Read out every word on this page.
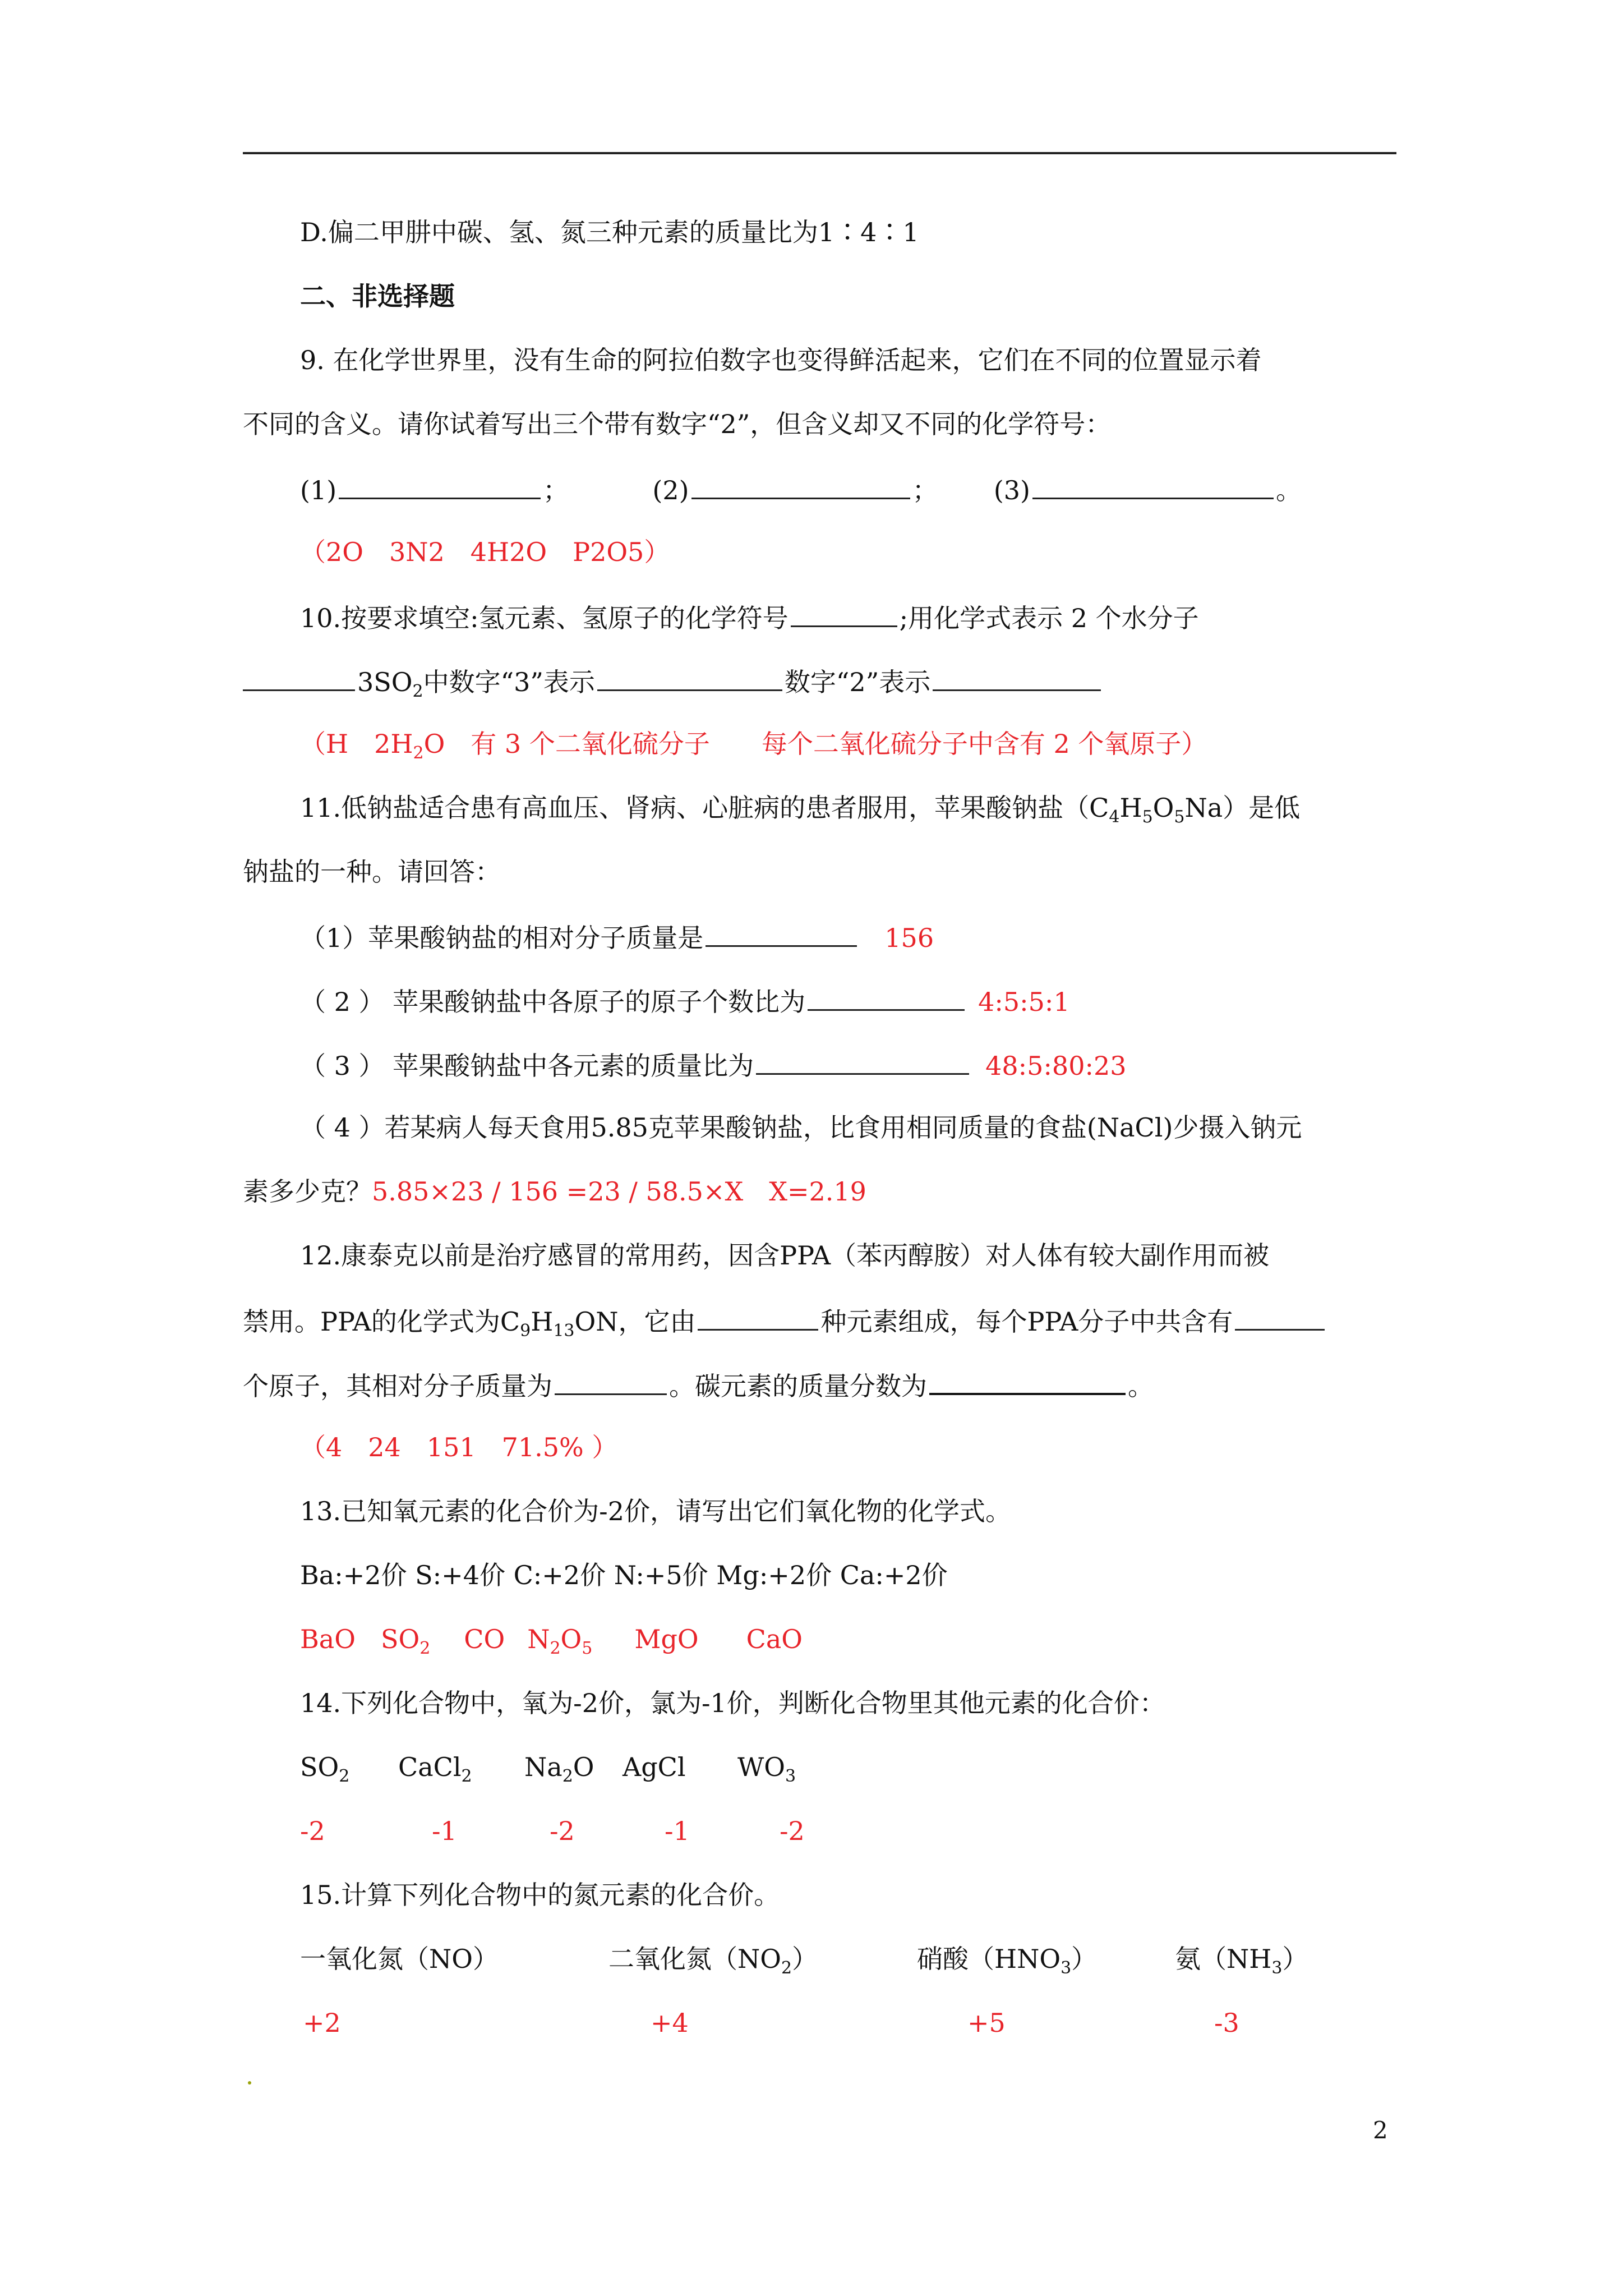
D.偏二甲肼中碳、氢、氮三种元素的质量比为1∶4∶1
二、非选择题
9. 在化学世界里，没有生命的阿拉伯数字也变得鲜活起来，它们在不同的位置显示着
不同的含义。请你试着写出三个带有数字“2”，但含义却又不同的化学符号：
(1)	；	(2)	； (3)	。
（2O　3N2　4H2O　P2O5）
10.按要求填空:氢元素、氢原子的化学符号	;用化学式表示 2 个水分子
$3SO_2$中数字“3”表示	数字“2”表示
（H　$2H_2O$　有 3 个二氧化硫分子　　每个二氧化硫分子中含有 2 个氧原子）
11.低钠盐适合患有高血压、肾病、心脏病的患者服用，苹果酸钠盐$(C_4H_5O_5Na)$是低
钠盐的一种。请回答：
（1）苹果酸钠盐的相对分子质量是	156
（ 2 ） 苹果酸钠盐中各原子的原子个数比为	4:5:5:1
（ 3 ） 苹果酸钠盐中各元素的质量比为	48:5:80:23
（ 4 ）若某病人每天食用5.85克苹果酸钠盐，比食用相同质量的食盐(NaCl)少摄入钠元
素多少克？5.85×23 / 156 =23 / 58.5×X　X=2.19
12.康泰克以前是治疗感冒的常用药，因含PPA（苯丙醇胺）对人体有较大副作用而被
禁用。PPA的化学式为$C_9H_{13}ON$，它由	种元素组成，每个PPA分子中共含有
个原子，其相对分子质量为	。碳元素的质量分数为	。
（4　24　151　71.5% ）
13.已知氧元素的化合价为-2价，请写出它们氧化物的化学式。
Ba:+2价 S:+4价 C:+2价 N:+5价 Mg:+2价 Ca:+2价
BaO $SO_2$ CO $N_2O_5$ MgO CaO
14.下列化合物中，氧为-2价，氯为-1价，判断化合物里其他元素的化合价：
$SO_2$ CaCl$_2$ $Na_2O$ AgCl $WO_3$
-2	-1	-2	-1	-2
15.计算下列化合物中的氮元素的化合价。
一氧化氮（NO）	二氧化氮$(NO_2)$	硝酸$(HNO_3)$	氨$(NH_3)$
+2	+4	+5	-3
2
